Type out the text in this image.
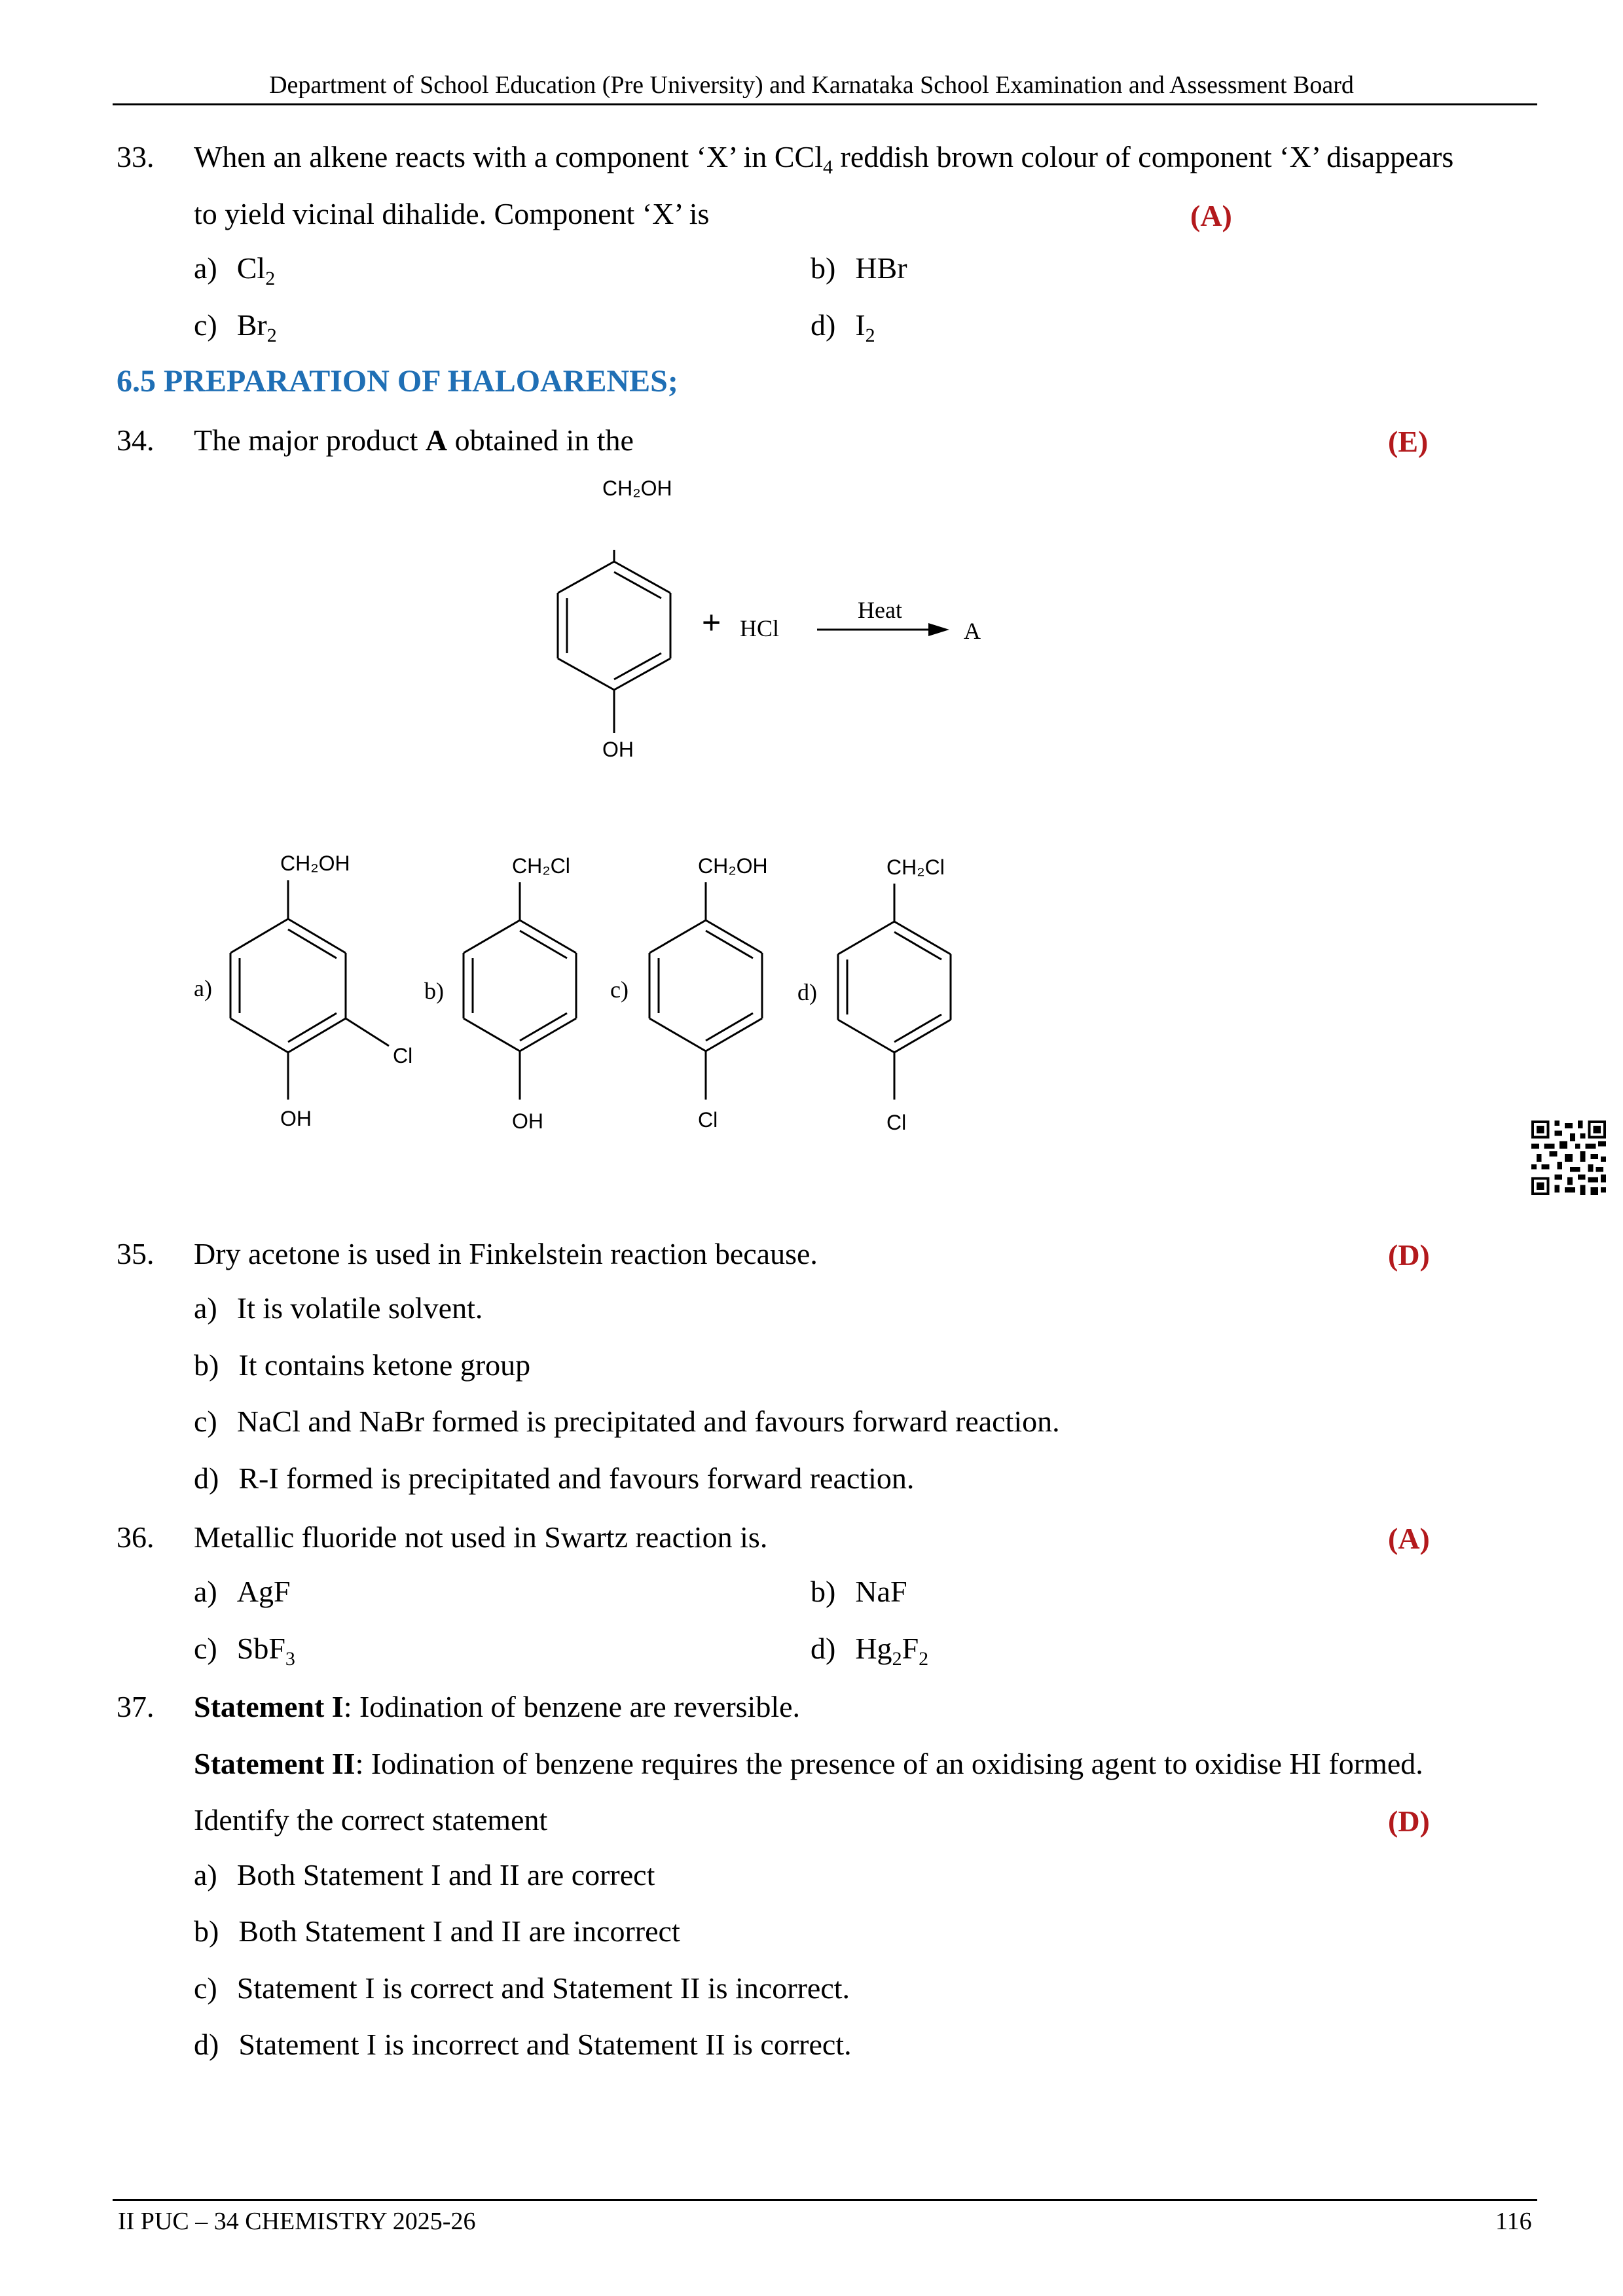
Department of School Education (Pre University) and Karnataka School Examination and Assessment Board
33. When an alkene reacts with a component ‘X’ in CCl$_4$ reddish brown colour of component ‘X’ disappears
to yield vicinal dihalide. Component ‘X’ is	(A)
a) $Cl_2$	b) HBr
c) $Br_2$	d) $I_2$
6.5 PREPARATION OF HALOARENES;
34. The major product A obtained in the	(E)
CH₂OH
OH
+ HCl
Heat
A
a)
CH₂OH
OH
Cl
b)
CH₂Cl
OH
c)
CH₂OH
Cl
d)
CH₂Cl
Cl
35. Dry acetone is used in Finkelstein reaction because.	(D)
a) It is volatile solvent.
b) It contains ketone group
c) NaCl and NaBr formed is precipitated and favours forward reaction.
d) R-I formed is precipitated and favours forward reaction.
36. Metallic fluoride not used in Swartz reaction is.	(A)
a) AgF	b) NaF
c) SbF$_3$	d) $Hg_2F_2$
37. Statement I: Iodination of benzene are reversible.
Statement II: Iodination of benzene requires the presence of an oxidising agent to oxidise HI formed.
Identify the correct statement	(D)
a) Both Statement I and II are correct
b) Both Statement I and II are incorrect
c) Statement I is correct and Statement II is incorrect.
d) Statement I is incorrect and Statement II is correct.
II PUC – 34 CHEMISTRY 2025-26	116
